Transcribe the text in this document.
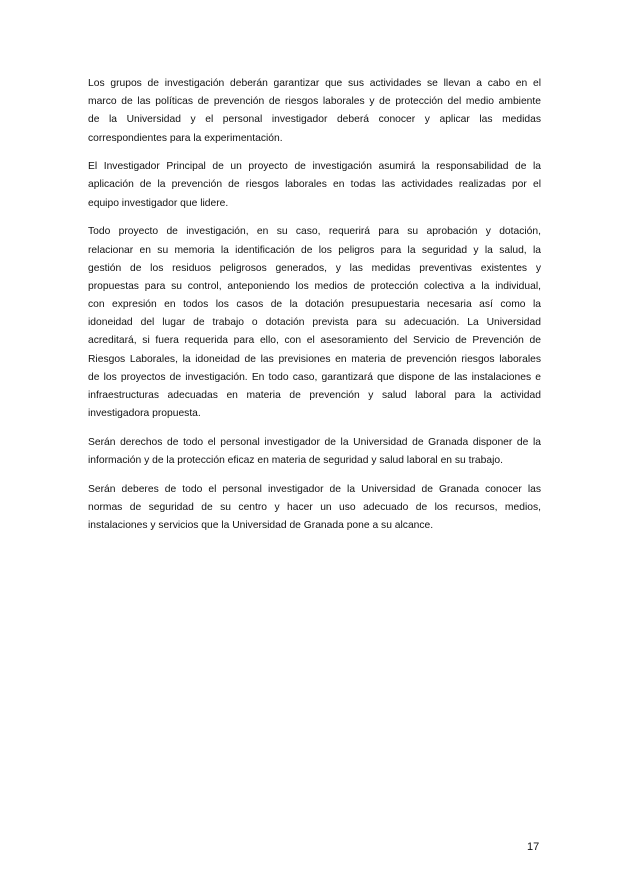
Los grupos de investigación deberán garantizar que sus actividades se llevan a cabo en el
marco de las políticas de prevención de riesgos laborales y de protección del medio ambiente
de la Universidad y el personal investigador deberá conocer y aplicar las medidas
correspondientes para la experimentación.
El Investigador Principal de un proyecto de investigación asumirá la responsabilidad de la
aplicación de la prevención de riesgos laborales en todas las actividades realizadas por el
equipo investigador que lidere.
Todo proyecto de investigación, en su caso, requerirá para su aprobación y dotación,
relacionar en su memoria la identificación de los peligros para la seguridad y la salud, la
gestión de los residuos peligrosos generados, y las medidas preventivas existentes y
propuestas para su control, anteponiendo los medios de protección colectiva a la individual,
con expresión en todos los casos de la dotación presupuestaria necesaria así como la
idoneidad del lugar de trabajo o dotación prevista para su adecuación. La Universidad
acreditará, si fuera requerida para ello, con el asesoramiento del Servicio de Prevención de
Riesgos Laborales, la idoneidad de las previsiones en materia de prevención riesgos laborales
de los proyectos de investigación. En todo caso, garantizará que dispone de las instalaciones e
infraestructuras adecuadas en materia de prevención y salud laboral para la actividad
investigadora propuesta.
Serán derechos de todo el personal investigador de la Universidad de Granada disponer de la
información y de la protección eficaz en materia de seguridad y salud laboral en su trabajo.
Serán deberes de todo el personal investigador de la Universidad de Granada conocer las
normas de seguridad de su centro y hacer un uso adecuado de los recursos, medios,
instalaciones y servicios que la Universidad de Granada pone a su alcance.
17
